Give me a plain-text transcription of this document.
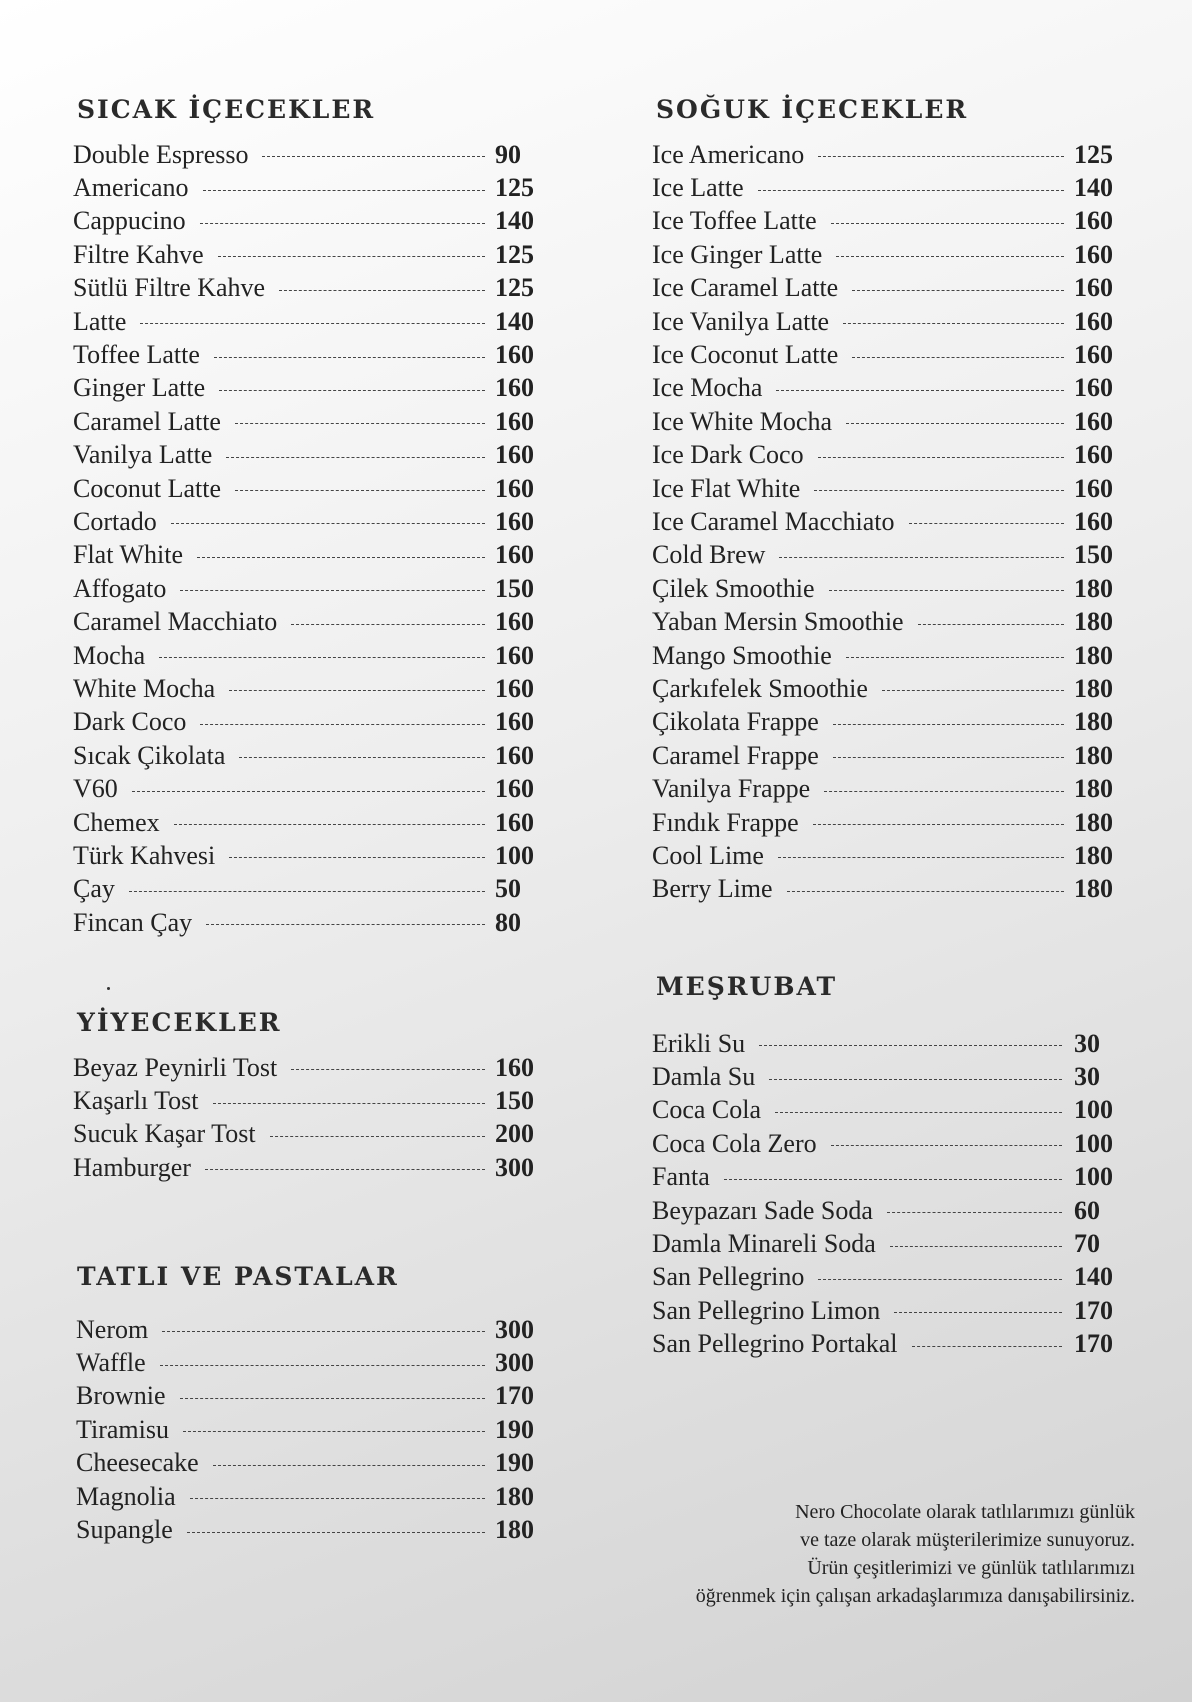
SICAK İÇECEKLER
Double Espresso	90
Americano	125
Cappucino	140
Filtre Kahve	125
Sütlü Filtre Kahve	125
Latte	140
Toffee Latte	160
Ginger Latte	160
Caramel Latte	160
Vanilya Latte	160
Coconut Latte	160
Cortado	160
Flat White	160
Affogato	150
Caramel Macchiato	160
Mocha	160
White Mocha	160
Dark Coco	160
Sıcak Çikolata	160
V60	160
Chemex	160
Türk Kahvesi	100
Çay	50
Fincan Çay	80
SOĞUK İÇECEKLER
Ice Americano	125
Ice Latte	140
Ice Toffee Latte	160
Ice Ginger Latte	160
Ice Caramel Latte	160
Ice Vanilya Latte	160
Ice Coconut Latte	160
Ice Mocha	160
Ice White Mocha	160
Ice Dark Coco	160
Ice Flat White	160
Ice Caramel Macchiato	160
Cold Brew	150
Çilek Smoothie	180
Yaban Mersin Smoothie	180
Mango Smoothie	180
Çarkıfelek Smoothie	180
Çikolata Frappe	180
Caramel Frappe	180
Vanilya Frappe	180
Fındık Frappe	180
Cool Lime	180
Berry Lime	180
YİYECEKLER
Beyaz Peynirli Tost	160
Kaşarlı Tost	150
Sucuk Kaşar Tost	200
Hamburger	300
TATLI VE PASTALAR
Nerom	300
Waffle	300
Brownie	170
Tiramisu	190
Cheesecake	190
Magnolia	180
Supangle	180
MEŞRUBAT
Erikli Su	30
Damla Su	30
Coca Cola	100
Coca Cola Zero	100
Fanta	100
Beypazarı Sade Soda	60
Damla Minareli Soda	70
San Pellegrino	140
San Pellegrino Limon	170
San Pellegrino Portakal	170
Nero Chocolate olarak tatlılarımızı günlük
ve taze olarak müşterilerimize sunuyoruz.
Ürün çeşitlerimizi ve günlük tatlılarımızı
öğrenmek için çalışan arkadaşlarımıza danışabilirsiniz.
